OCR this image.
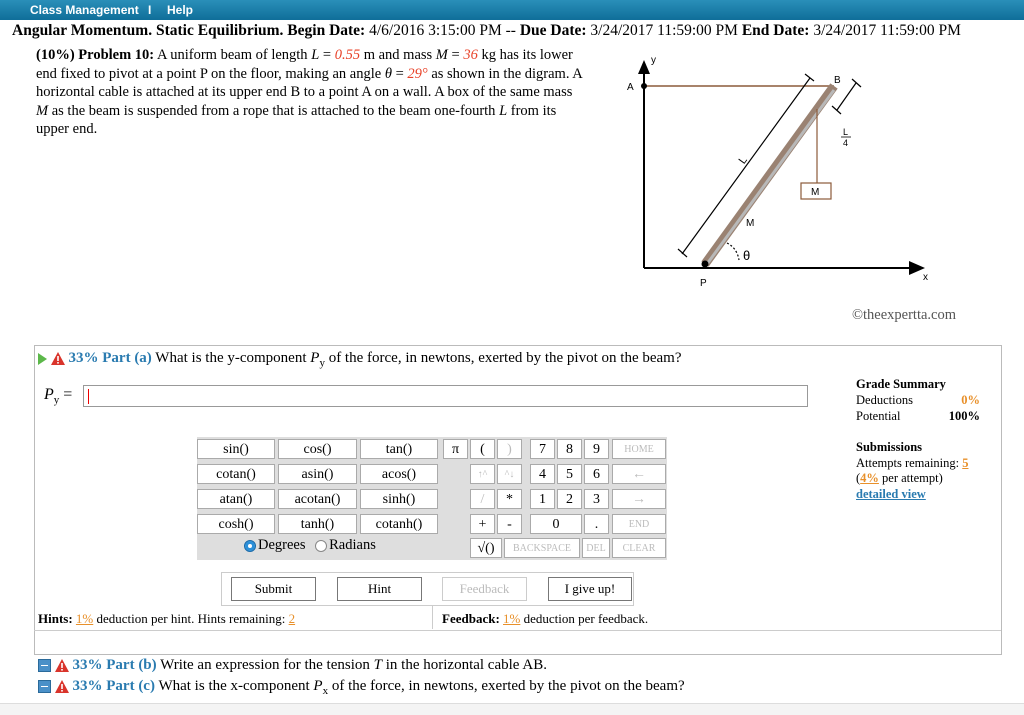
Class Management I Help
Angular Momentum. Static Equilibrium. Begin Date: 4/6/2016 3:15:00 PM -- Due Date: 3/24/2017 11:59:00 PM End Date: 3/24/2017 11:59:00 PM
(10%) Problem 10: A uniform beam of length L = 0.55 m and mass M = 36 kg has its lower end fixed to pivot at a point P on the floor, making an angle θ = 29° as shown in the digram. A horizontal cable is attached at its upper end B to a point A on a wall. A box of the same mass M as the beam is suspended from a rope that is attached to the beam one-fourth L from its upper end.
y
x
A
B
P
M
L
L
4
M
θ
©theexpertta.com
33% Part (a) What is the y-component $P_y$ of the force, in newtons, exerted by the pivot on the beam?
$P_y$ =
Grade Summary
Deductions	0%
Potential	100%
Submissions
Attempts remaining: 5
(4% per attempt)
detailed view
sin()	cos()	tan()
cotan()	asin()	acos()
atan()	acotan()	sinh()
cosh()	tanh()	cotanh()
π	(	)
↑^	^↓
/	*
+	-
√()
7	8	9
4	5	6
1	2	3
0	.
HOME
←
→
END
BACKSPACE	DEL	CLEAR
Degrees Radians
Submit	Hint	Feedback	I give up!
Hints: 1% deduction per hint. Hints remaining: 2	Feedback: 1% deduction per feedback.
33% Part (b) Write an expression for the tension T in the horizontal cable AB.
33% Part (c) What is the x-component $P_x$ of the force, in newtons, exerted by the pivot on the beam?
